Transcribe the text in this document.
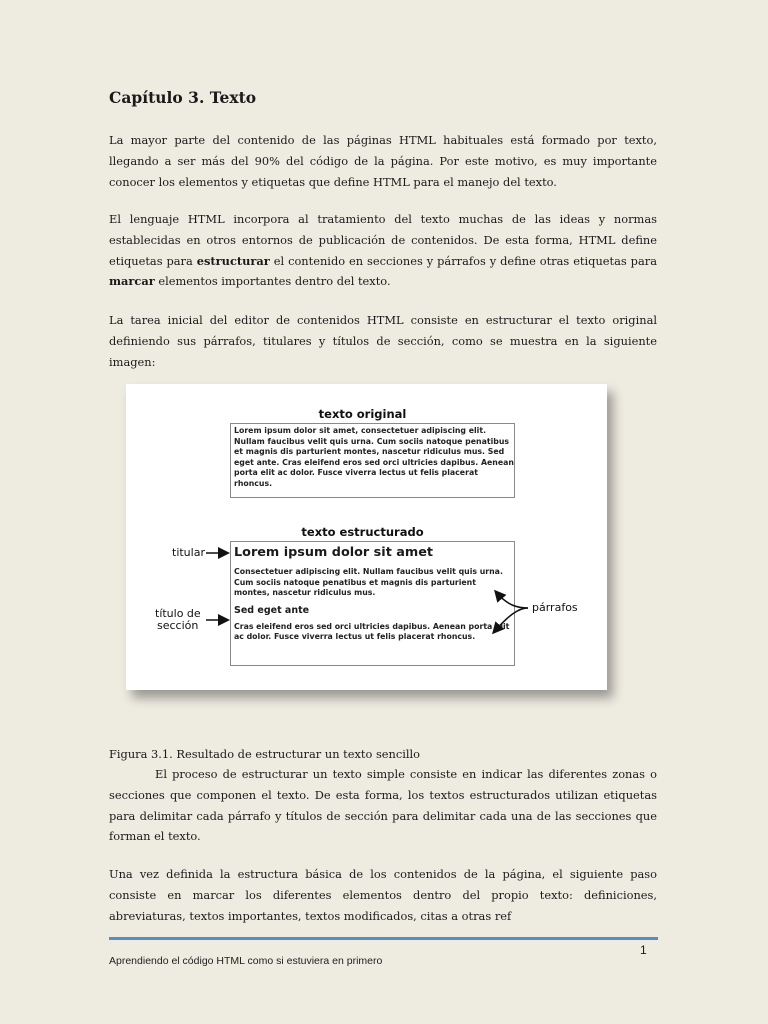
Capítulo 3. Texto

La mayor parte del contenido de las páginas HTML habituales está formado por texto, llegando a ser más del 90% del código de la página. Por este motivo, es muy importante conocer los elementos y etiquetas que define HTML para el manejo del texto.

El lenguaje HTML incorpora al tratamiento del texto muchas de las ideas y normas establecidas en otros entornos de publicación de contenidos. De esta forma, HTML define etiquetas para estructurar el contenido en secciones y párrafos y define otras etiquetas para marcar elementos importantes dentro del texto.

La tarea inicial del editor de contenidos HTML consiste en estructurar el texto original definiendo sus párrafos, titulares y títulos de sección, como se muestra en la siguiente imagen:

Figura 3.1. Resultado de estructurar un texto sencillo

El proceso de estructurar un texto simple consiste en indicar las diferentes zonas o secciones que componen el texto. De esta forma, los textos estructurados utilizan etiquetas para delimitar cada párrafo y títulos de sección para delimitar cada una de las secciones que forman el texto.

Una vez definida la estructura básica de los contenidos de la página, el siguiente paso consiste en marcar los diferentes elementos dentro del propio texto: definiciones, abreviaturas, textos importantes, textos modificados, citas a otras ref

texto original
Lorem ipsum dolor sit amet, consectetuer adipiscing elit. Nullam faucibus velit quis urna. Cum sociis natoque penatibus et magnis dis parturient montes, nascetur ridiculus mus. Sed eget ante. Cras eleifend eros sed orci ultricies dapibus. Aenean porta elit ac dolor. Fusce viverra lectus ut felis placerat rhoncus.
texto estructurado

Lorem ipsum dolor sit amet

Consectetuer adipiscing elit. Nullam faucibus velit quis urna. Cum sociis natoque penatibus et magnis dis parturient montes, nascetur ridiculus mus.

Sed eget ante

Cras eleifend eros sed orci ultricies dapibus. Aenean porta elit ac dolor. Fusce viverra lectus ut felis placerat rhoncus.

titular
título de
sección
párrafos
1
Aprendiendo el código HTML como si estuviera en primero
